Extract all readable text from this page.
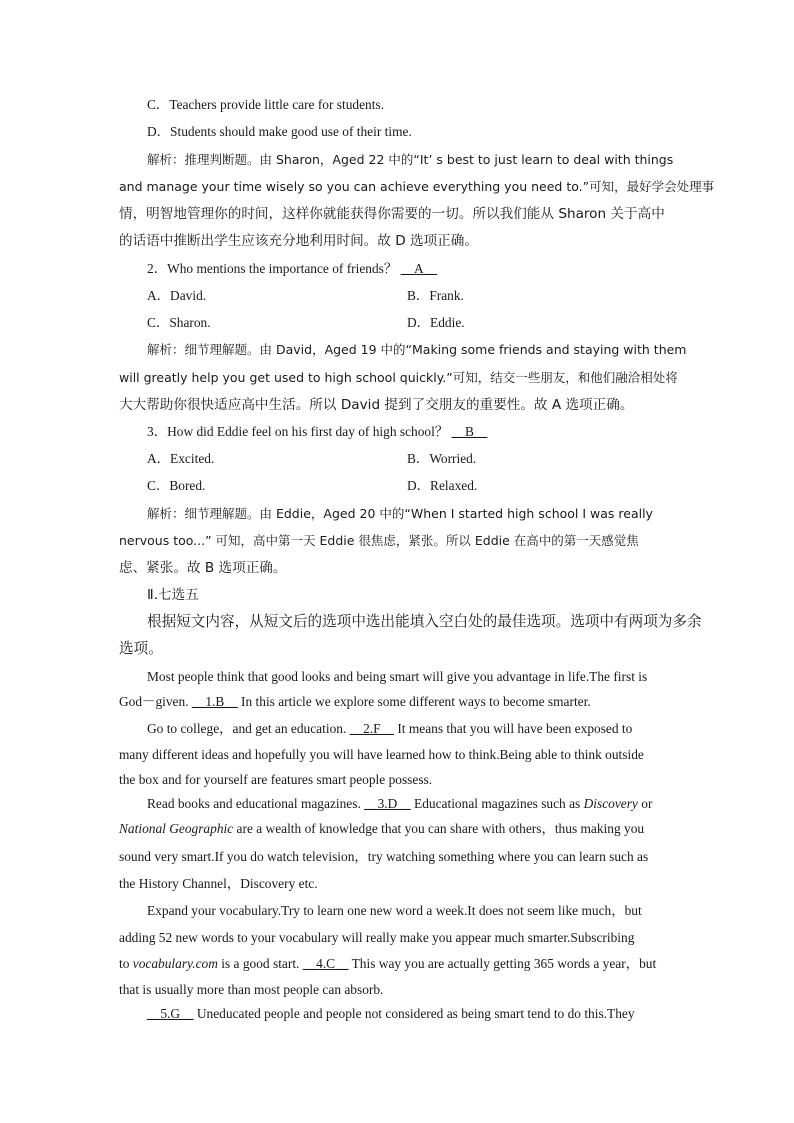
C．Teachers provide little care for students.
D．Students should make good use of their time.
解析：推理判断题。由 Sharon，Aged 22 中的“It’ s best to just learn to deal with things
and manage your time wisely so you can achieve everything you need to.”可知，最好学会处理事
情，明智地管理你的时间，这样你就能获得你需要的一切。所以我们能从 Sharon 关于高中
的话语中推断出学生应该充分地利用时间。故 D 选项正确。
2．Who mentions the importance of friends？ __A__
A．David.	B．Frank.
C．Sharon.	D．Eddie.
解析：细节理解题。由 David，Aged 19 中的“Making some friends and staying with them
will greatly help you get used to high school quickly.”可知，结交一些朋友，和他们融洽相处将
大大帮助你很快适应高中生活。所以 David 提到了交朋友的重要性。故 A 选项正确。
3．How did Eddie feel on his first day of high school？ __B__
A．Excited.	B．Worried.
C．Bored.	D．Relaxed.
解析：细节理解题。由 Eddie，Aged 20 中的“When I started high school I was really
nervous too...” 可知，高中第一天 Eddie 很焦虑，紧张。所以 Eddie 在高中的第一天感觉焦
虑、紧张。故 B 选项正确。
Ⅱ.七选五
根据短文内容，从短文后的选项中选出能填入空白处的最佳选项。选项中有两项为多余
选项。
Most people think that good looks and being smart will give you advantage in life.The first is
God－given. __1.B__ In this article we explore some different ways to become smarter.
Go to college，and get an education. __2.F__ It means that you will have been exposed to
many different ideas and hopefully you will have learned how to think.Being able to think outside
the box and for yourself are features smart people possess.
Read books and educational magazines. __3.D__ Educational magazines such as Discovery or
National Geographic are a wealth of knowledge that you can share with others，thus making you
sound very smart.If you do watch television，try watching something where you can learn such as
the History Channel，Discovery etc.
Expand your vocabulary.Try to learn one new word a week.It does not seem like much，but
adding 52 new words to your vocabulary will really make you appear much smarter.Subscribing
to vocabulary.com is a good start. __4.C__ This way you are actually getting 365 words a year，but
that is usually more than most people can absorb.
__5.G__ Uneducated people and people not considered as being smart tend to do this.They
